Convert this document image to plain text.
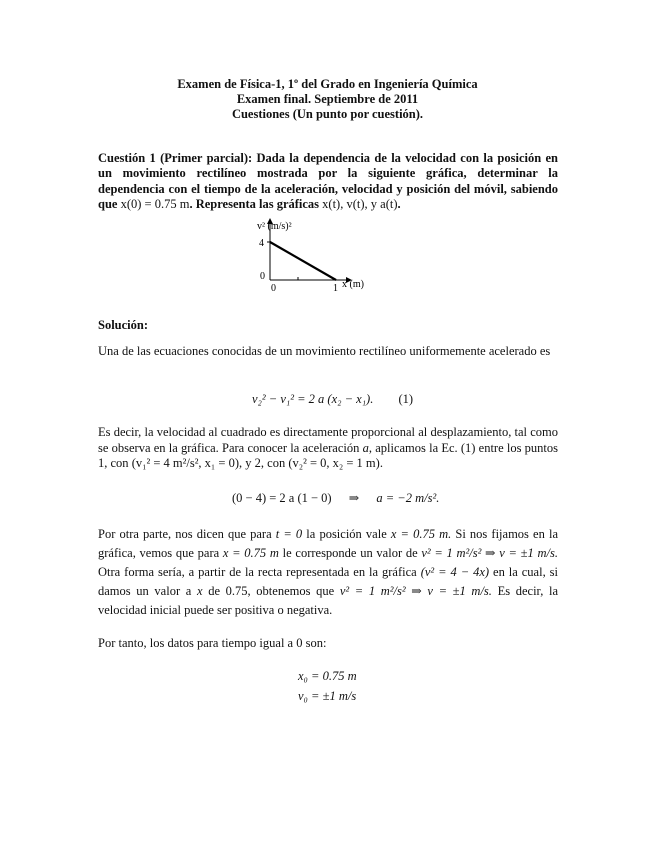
Examen de Física-1, 1º del Grado en Ingeniería Química
Examen final. Septiembre de 2011
Cuestiones (Un punto por cuestión).
Cuestión 1 (Primer parcial): Dada la dependencia de la velocidad con la posición en un movimiento rectilíneo mostrada por la siguiente gráfica, determinar la dependencia con el tiempo de la aceleración, velocidad y posición del móvil, sabiendo que x(0) = 0.75 m. Representa las gráficas x(t), v(t), y a(t).
v² (m/s)²
x (m)
4
0
0	1
Solución:
Una de las ecuaciones conocidas de un movimiento rectilíneo uniformemente acelerado es
v₂² − v₁² = 2 a (x₂ − x₁). (1)
Es decir, la velocidad al cuadrado es directamente proporcional al desplazamiento, tal como se observa en la gráfica. Para conocer la aceleración a, aplicamos la Ec. (1) entre los puntos 1, con (v₁² = 4 m²/s², x₁ = 0), y 2, con (v₂² = 0, x₂ = 1 m).
(0 − 4) = 2 a (1 − 0) ⇒ a = −2 m/s².
Por otra parte, nos dicen que para t = 0 la posición vale x = 0.75 m. Si nos fijamos en la gráfica, vemos que para x = 0.75 m le corresponde un valor de v² = 1 m²/s² ⇒ v = ±1 m/s. Otra forma sería, a partir de la recta representada en la gráfica (v² = 4 − 4x) en la cual, si damos un valor a x de 0.75, obtenemos que v² = 1 m²/s² ⇒ v = ±1 m/s. Es decir, la velocidad inicial puede ser positiva o negativa.
Por tanto, los datos para tiempo igual a 0 son:
x₀ = 0.75 m
v₀ = ±1 m/s
